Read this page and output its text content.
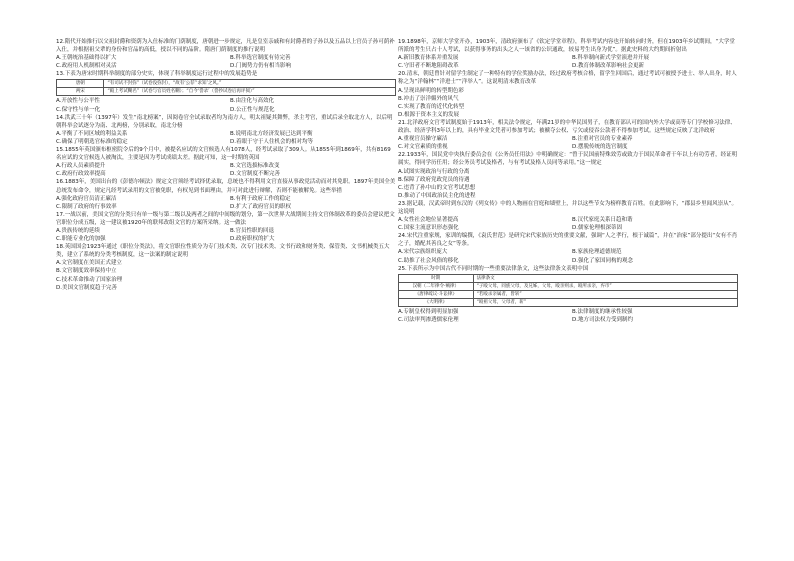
12.隋代开始推行以父祖封爵和资荫为入仕标准的门荫制度，唐朝进一步规定，凡是皇室亲戚和有封爵者的子孙以及五品以上官员子孙可荫补入仕，并根据祖父辈的身份和官品的高低，授以不同的品阶。隋唐门荫制度的推行说明
A.王朝统治基础得以扩大	B.科举选官制度有待完善
C.政府用人机制相对灵活	D.门阀势力仍有相当影响
13.下表为唐宋时期科举制度的部分史实，体现了科举制度运行过程中的发展趋势是
唐朝	“有司试不封弥”（试卷没弥封），“故有‘公荐’‘求知’之风。”
两宋	“殿上考试糊名”（试卷与官员姓名糊）；“自今‘誊录’（誊抄试卷后再评阅）”
A.开放性与公平性	B.由注化与高效化
C.保守性与单一化	D.公正性与规范化
14.洪武三十年（1397年）发生“南北榜案”，因阅卷官全试录取者均为南方人，明太祖疑其舞弊，杀主考官，重试后录全取北方人，以后明朝科举会试逐分为南、北两榜，分别录取，南北分榜
A.平衡了不同区域的利益关系	B.说明南北方经济发展已达到平衡
C.确保了明朝选官标准的稳定	D.着眼于守于人住机会的相对均等
15.1855年英国颁布枢密院令后的9个月中，被提名应试的文官候选人有1078人，经考试录取了309人。从1855年到1869年，共有8169名应试的文官候选人被淘汰，主要是因为考试成绩太差。据此可知，这一时期的英国
A.行政人员素质提升	B.文官选拔标准改变
C.政府行政效率提高	D.文官制度不断完善
16.1883年，美国出台的《彭德尔顿法》规定文官须经考试择优录取，总统也不得利用文官直接从事政党活动而对其免职。1897年美国全美总统发布命令，规定凡经考试录用的文官被免职，有权见到书面理由，并可对此进行辩解，否则不能被解免。这些举措
A.强化政府官员清正廉洁	B.有利于政府工作的稳定
C.限制了政府的行事效率	D.扩大了政府官员的职权
17.一战以前，美国文官的分类只有单一级与第二级以及两者之间的中间级的划分，第一次世界大战期间主持文官体制改革的委员会建议把文官职位分成五级，这一建议被1920年的联邦改组文官的方案所采纳。这一做法
A.贵族传统的延续	B.官员性职的回退
C.职能专业化的加强	D.政府职权的扩大
18.英国国会1923年通过《职位分类法》，将文官职位性质分为专门技术类、次专门技术类、文书行政和财务类、保管类、文书机械类五大类，建立了系统的分类考核制度，这一法案的制定说明
A.文官制度在美国正式建立
B.文官制度效率保持中立
C.技术革命推动了国家治理
D.美国文官制度趋于完善
19.1898年，京师大学堂开办，1903年，清政府颁布了《钦定学堂章程》，科举考试内容也开始转向时务，但在1903年乡试期间，“大学堂所派的考生只占十人考试，以获得事务的出头之人一该省的公识通政，较易考生出身为优”。据此史料的大约期间折射出
A.新旧教育体系并重发展	B.科举制向新式学堂演进并开展
C.守旧者不断地阻碍改革	D.教育体制改革影响社会更新
20.清末，朝廷曾针对留学生制定了一种特有的学位奖励办法，经过政府考核合格，留学生回国后，通过考试可被授予进士、举人出身，时人称之为“洋翰林”“洋进士”“洋举人”。这说明清末教育改革
A.呈现出鲜明的转型期色彩
B.冲击了崇洋媚外的风气
C.实现了教育的近代化转型
D.根源于资本主义的发展
21.北洋政府文官考试制度始于1913年，相关法令规定，年满21岁的中华民国男子，在教育部认可的国内外大学或高等专门学校修习法律、政治、经济学科3年以上的，具有毕业文凭者可参加考试；被褫夺公权、亏欠或侵吞公款者不得参加考试。这些规定反映了北洋政府
A.重视官员操守廉洁	B.注重对官员的专业素养
C.对文官素质的重视	D.摆脱传统的选官制度
22.1933年，国民党中央执行委员会在《公务员任用法》中明确规定：“曾于民国前特殊效劳或致力于国民革命者干年以上有功劳者，经证明属实，得同学历任用；经公务员考试及格者，与有考试及格人员同等录用。”这一规定
A.试图实现政治与行政的分离
B.保障了政府党政党员的待遇
C.违背了孙中山的文官考试思想
D.推动了中国政治民主化的进程
23.据记载，汉武帝时到东汉的《列女传》中的人物画在宫庭和墙壁上，并以这些节女为榜样教育百姓。在此影响下，“郡县乡里闻风崇从”。这说明
A.女性社会地位显著提高	B.汉代家庭关系日趋和谐
C.国家主流意识形态强化	D.儒家伦理根深蒂固
24.宋代注重家规，家训的编撰，《袁氏世范》是研究宋代家族历史的重要文献，强调“人之孝行，根于诚篇”，并在“治家”部分提出“女有不肖之子，婚配其善良之女”等条。
A.宋代宗族组织庞大	B.家族伦理道德规范
C.助推了社会风俗的移化	D.强化了家国同构的观念
25.下表所示为中国古代不同时期的一些重要法律条文，这些法律条文表明中国
时期	法律条文
汉朝（二年律令·贼律）	“子殴父母，同族父母，及兄姊，父母，殴亲则杀，殴所杀亲，弃市”
《唐律疏议·斗讼律》	“若殴杀亲属者，皆斩”
《大明律》	“殴祖父母，父母者，斩”
A.专制皇权得到明显加强	B.法律制度的继承性较强
C.司法审判渗透儒家伦理	D.地方司法权力受到制约
